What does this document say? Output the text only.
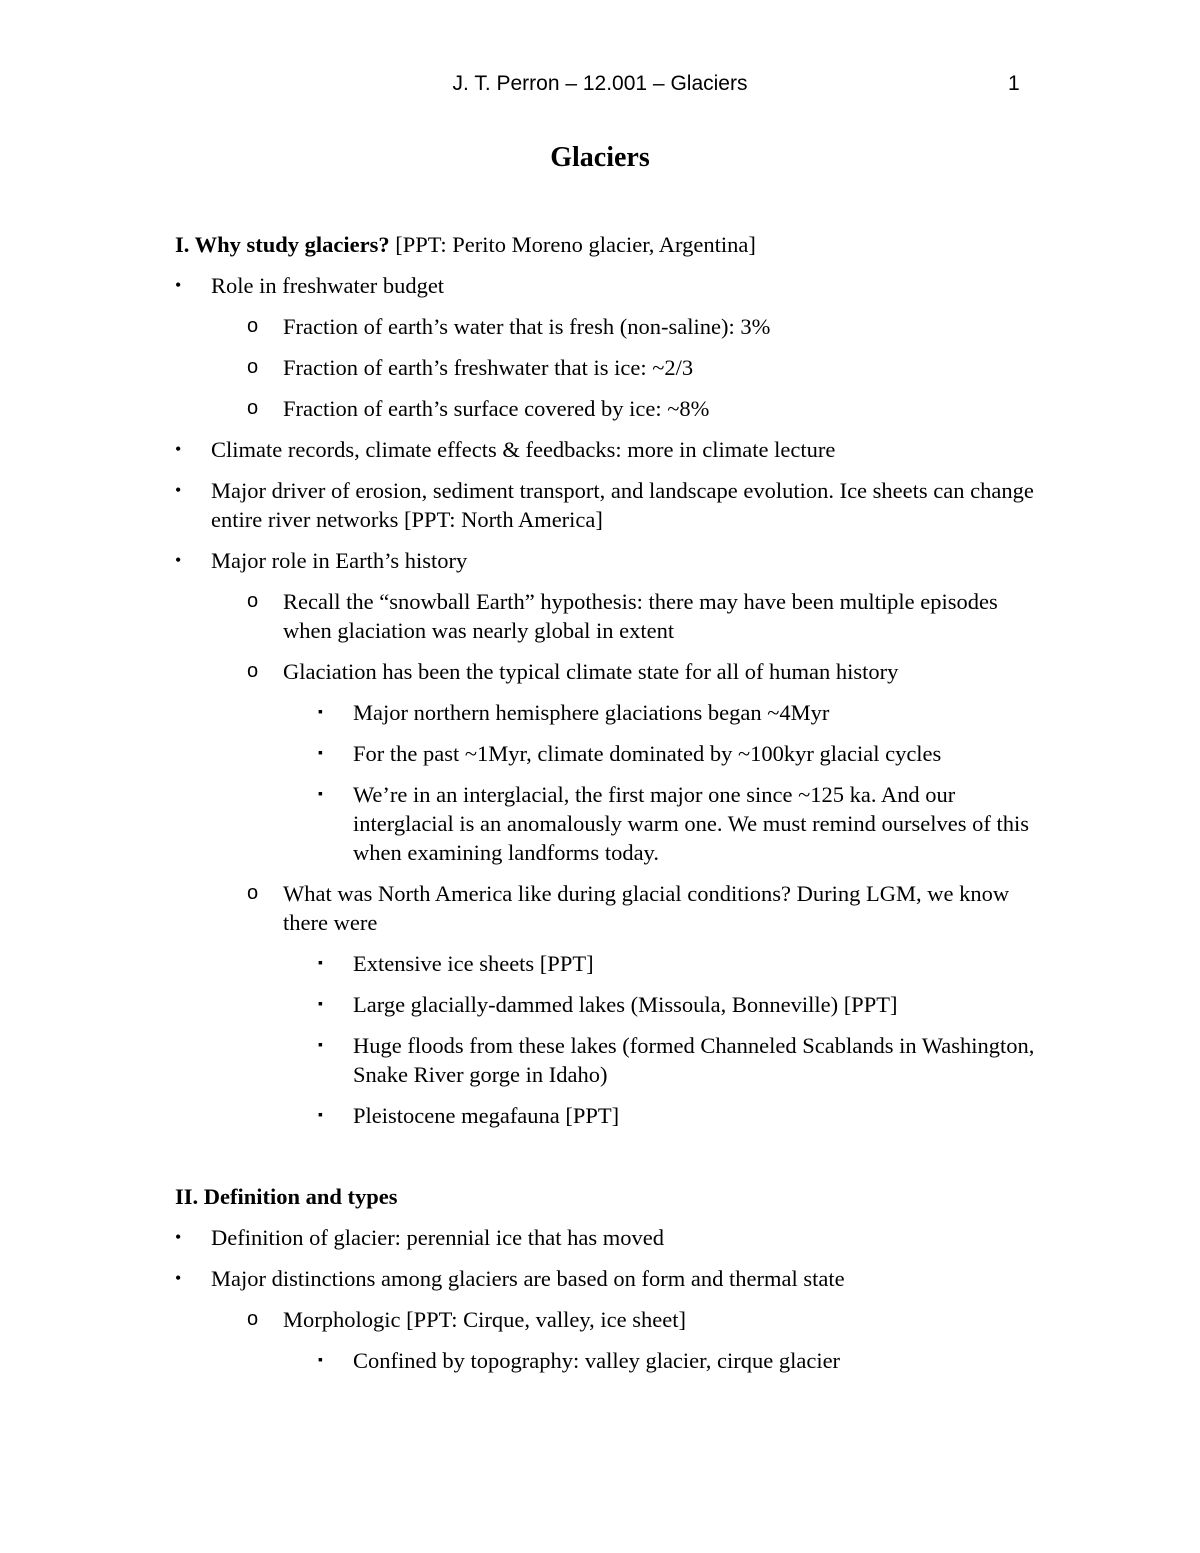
J. T. Perron – 12.001 – Glaciers	1
Glaciers
I. Why study glaciers? [PPT: Perito Moreno glacier, Argentina]
• Role in freshwater budget
o Fraction of earth’s water that is fresh (non-saline): 3%
o Fraction of earth’s freshwater that is ice: ~2/3
o Fraction of earth’s surface covered by ice: ~8%
• Climate records, climate effects & feedbacks: more in climate lecture
• Major driver of erosion, sediment transport, and landscape evolution. Ice sheets can change entire river networks [PPT: North America]
• Major role in Earth’s history
o Recall the “snowball Earth” hypothesis: there may have been multiple episodes when glaciation was nearly global in extent
o Glaciation has been the typical climate state for all of human history
▪ Major northern hemisphere glaciations began ~4Myr
▪ For the past ~1Myr, climate dominated by ~100kyr glacial cycles
▪ We’re in an interglacial, the first major one since ~125 ka. And our interglacial is an anomalously warm one. We must remind ourselves of this when examining landforms today.
o What was North America like during glacial conditions? During LGM, we know there were
▪ Extensive ice sheets [PPT]
▪ Large glacially-dammed lakes (Missoula, Bonneville) [PPT]
▪ Huge floods from these lakes (formed Channeled Scablands in Washington, Snake River gorge in Idaho)
▪ Pleistocene megafauna [PPT]
II. Definition and types
• Definition of glacier: perennial ice that has moved
• Major distinctions among glaciers are based on form and thermal state
o Morphologic [PPT: Cirque, valley, ice sheet]
▪ Confined by topography: valley glacier, cirque glacier
